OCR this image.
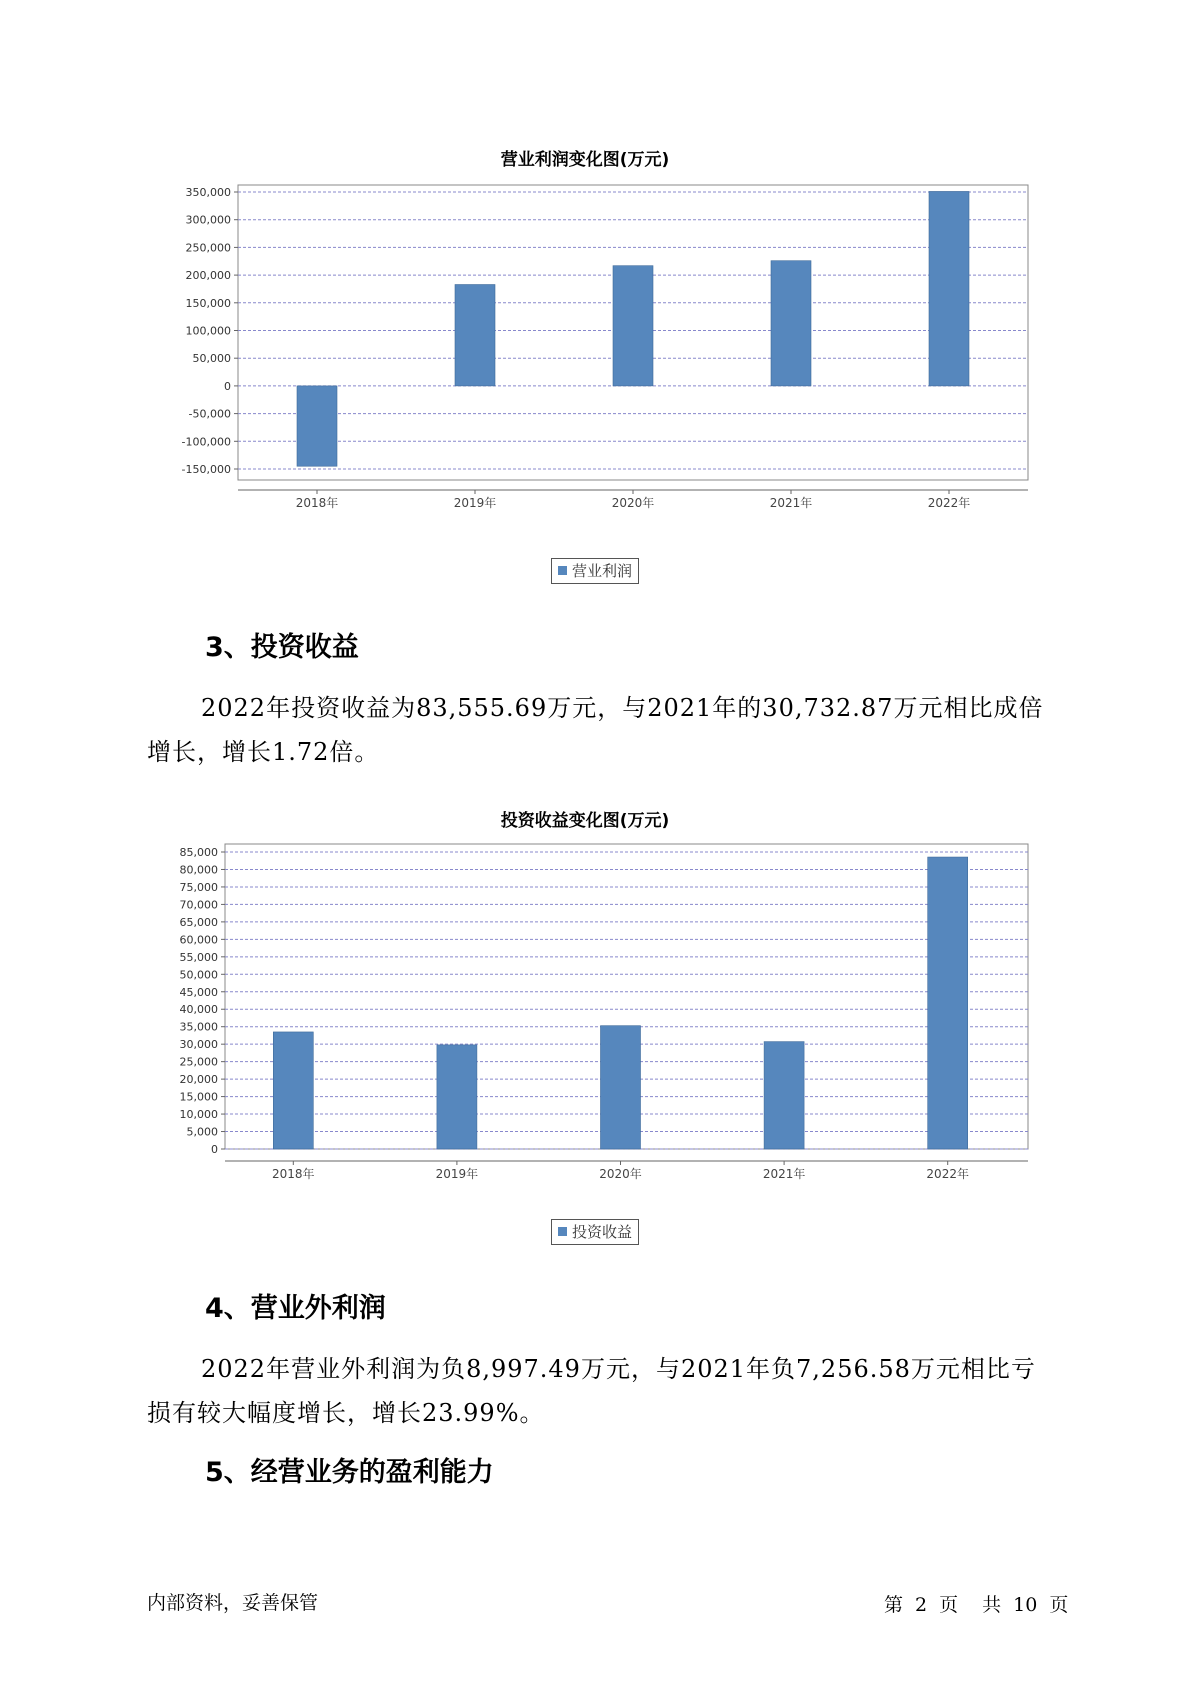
营业利润变化图(万元)
350,000
300,000
250,000
200,000
150,000
100,000
50,000
0
-50,000
-100,000
-150,000
2018年	2019年	2020年	2021年	2022年
营业利润
3、投资收益
2022年投资收益为83,555.69万元，与2021年的30,732.87万元相比成倍增长，增长1.72倍。
投资收益变化图(万元)
85,000
80,000
75,000
70,000
65,000
60,000
55,000
50,000
45,000
40,000
35,000
30,000
25,000
20,000
15,000
10,000
5,000
0
2018年	2019年	2020年	2021年	2022年
投资收益
4、营业外利润
2022年营业外利润为负8,997.49万元，与2021年负7,256.58万元相比亏损有较大幅度增长，增长23.99%。
5、经营业务的盈利能力
内部资料，妥善保管	第 2 页 共 10 页
